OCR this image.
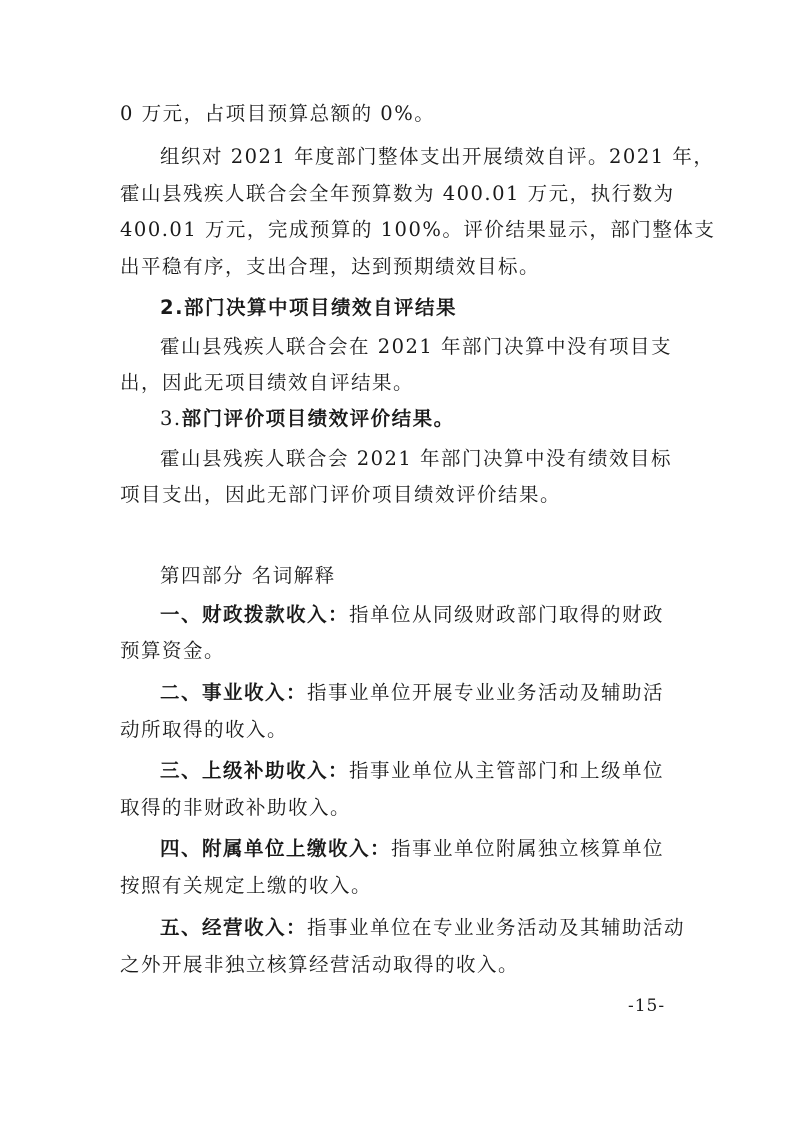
0 万元，占项目预算总额的 0%。
组织对 2021 年度部门整体支出开展绩效自评。2021 年，
霍山县残疾人联合会全年预算数为 400.01 万元，执行数为
400.01 万元，完成预算的 100%。评价结果显示，部门整体支
出平稳有序，支出合理，达到预期绩效目标。
2.部门决算中项目绩效自评结果
霍山县残疾人联合会在 2021 年部门决算中没有项目支
出，因此无项目绩效自评结果。
3.部门评价项目绩效评价结果。
霍山县残疾人联合会 2021 年部门决算中没有绩效目标
项目支出，因此无部门评价项目绩效评价结果。
第四部分 名词解释
一、财政拨款收入：指单位从同级财政部门取得的财政
预算资金。
二、事业收入：指事业单位开展专业业务活动及辅助活
动所取得的收入。
三、上级补助收入：指事业单位从主管部门和上级单位
取得的非财政补助收入。
四、附属单位上缴收入：指事业单位附属独立核算单位
按照有关规定上缴的收入。
五、经营收入：指事业单位在专业业务活动及其辅助活动
之外开展非独立核算经营活动取得的收入。
-15-
